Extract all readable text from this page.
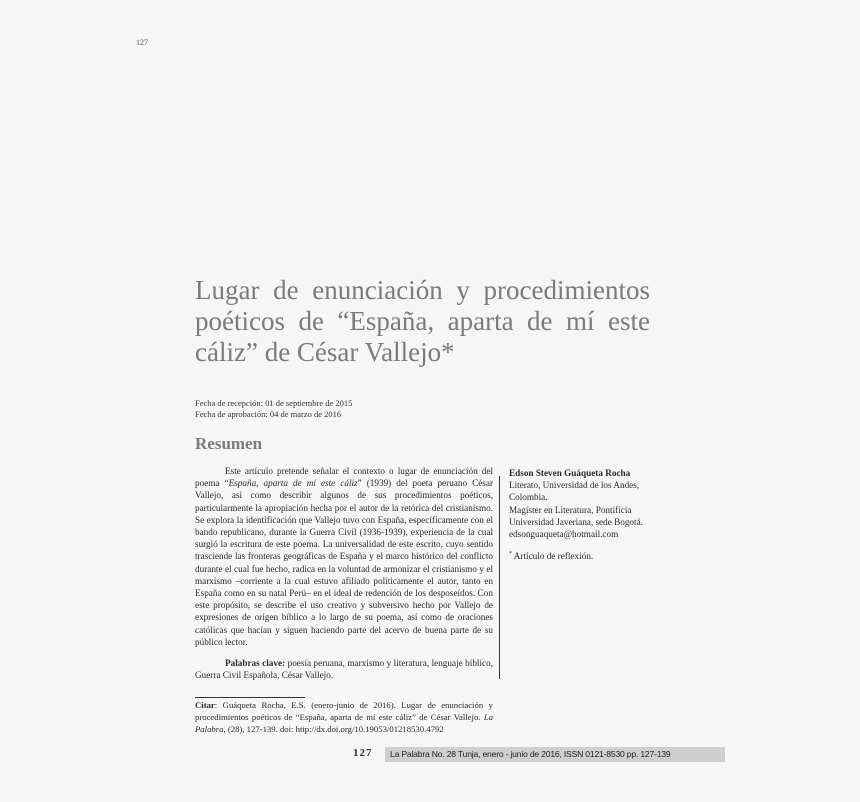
127
Lugar de enunciación y procedimientos poéticos de “España, aparta de mí este cáliz” de César Vallejo*
Fecha de recepción: 01 de septiembre de 2015
Fecha de aprobación: 04 de marzo de 2016
Resumen

Este artículo pretende señalar el contexto o lugar de enunciación del poema “España, aparta de mí este cáliz” (1939) del poeta peruano César Vallejo, así como describir algunos de sus procedimientos poéticos, particularmente la apropiación hecha por el autor de la retórica del cristianismo. Se explora la identificación que Vallejo tuvo con España, específicamente con el bando republicano, durante la Guerra Civil (1936-1939), experiencia de la cual surgió la escritura de este poema. La universalidad de este escrito, cuyo sentido trasciende las fronteras geográficas de España y el marco histórico del conflicto durante el cual fue hecho, radica en la voluntad de armonizar el cristianismo y el marxismo –corriente a la cual estuvo afiliado políticamente el autor, tanto en España como en su natal Perú– en el ideal de redención de los desposeídos. Con este propósito, se describe el uso creativo y subversivo hecho por Vallejo de expresiones de origen bíblico a lo largo de su poema, así como de oraciones católicas que hacían y siguen haciendo parte del acervo de buena parte de su público lector.

Palabras clave: poesía peruana, marxismo y literatura, lenguaje bíblico, Guerra Civil Española, César Vallejo.
Edson Steven Guáqueta Rocha
Literato, Universidad de los Andes, Colombia.
Magíster en Literatura, Pontificia Universidad Javeriana, sede Bogotá.
edsonguaqueta@hotmail.com
* Artículo de reflexión.
Citar: Guáqueta Rocha, E.S. (enero-junio de 2016). Lugar de enunciación y procedimientos poéticos de “España, aparta de mí este cáliz” de César Vallejo. La Palabra, (28), 127-139. doi: http://dx.doi.org/10.19053/01218530.4792
127	La Palabra No. 28 Tunja, enero - junio de 2016, ISSN 0121-8530 pp. 127-139
